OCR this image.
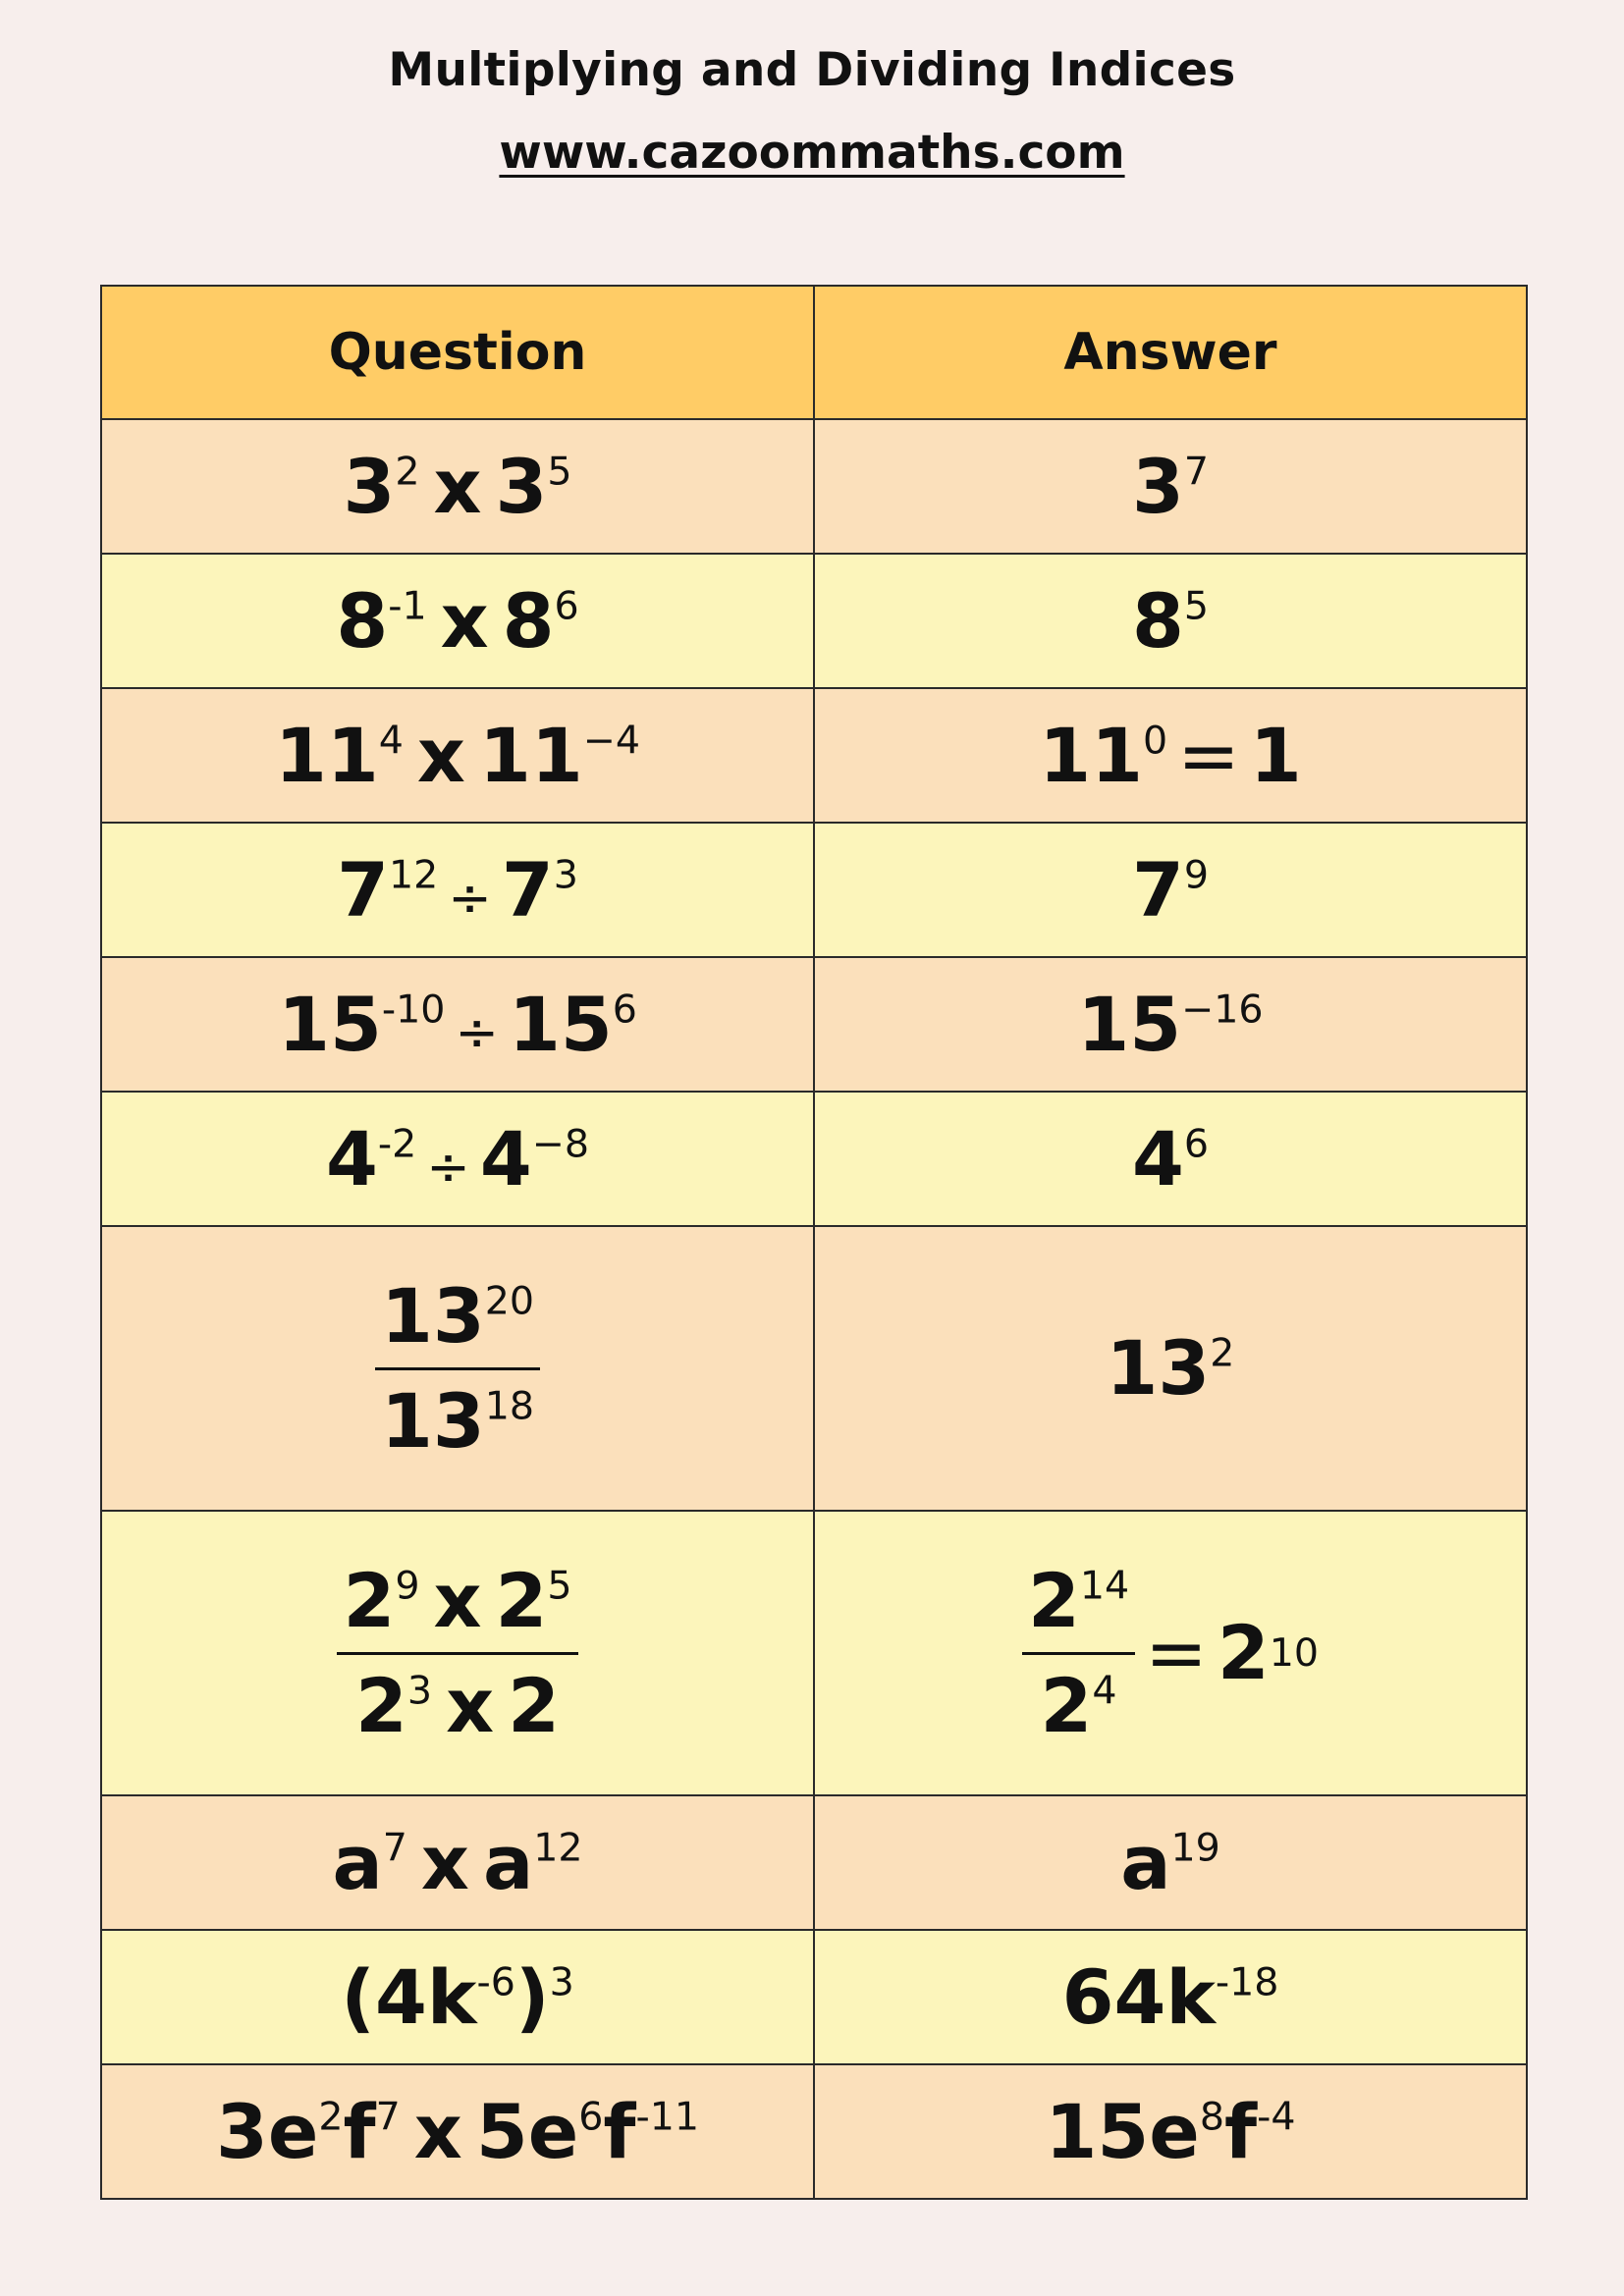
Multiplying and Dividing Indices
www.cazoommaths.com
Question	Answer
$3^2$ x $3^5$	$3^7$
$8^{-1}$ x $8^6$	$8^5$
$11^4$ x $11^{-4}$	$11^0 = 1$
$7^{12} \div 7^3$	$7^9$
$15^{-10} \div 15^6$	$15^{-16}$
$4^{-2} \div 4^{-8}$	$4^6$

$\frac{13^{20}}{13^{18}}$	$13^2$

$\frac{2^9 x 2^5}{2^3 x 2}$	$\frac{2^{14}}{2^4} = 2$ 10

$a^7$ x $a^{12}$	$a^{19}$
$(4k^{-6})^3$	$64k^{-18}$
$3e^2f^7$ x $5e^6f^{-11}$	$15e^8f^{-4}$
